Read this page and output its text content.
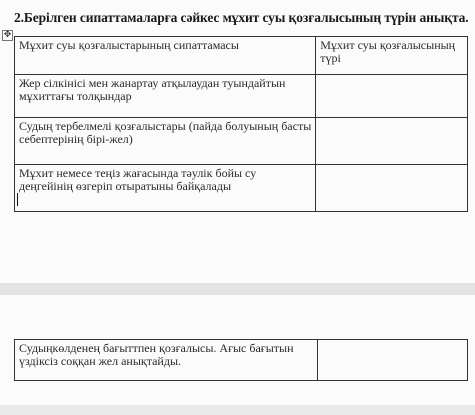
2.Берілген сипаттамаларға сәйкес мұхит суы қозғалысының түрін анықта.
✥
Мұхит суы қозғалыстарының сипаттамасы	Мұхит суы қозғалысының түрі
Жер сілкінісі мен жанартау атқылаудан туындайтын мұхиттағы толқындар	
Судың тербелмелі қозғалыстары (пайда болуының басты себептерінің бірі-жел)	
Мұхит немесе теңіз жағасында тәулік бойы су деңгейінің өзгеріп отыратыны байқалады

Судыңкөлденең бағыттпен қозғалысы. Ағыс бағытын үздіксіз соққан жел анықтайды.	
